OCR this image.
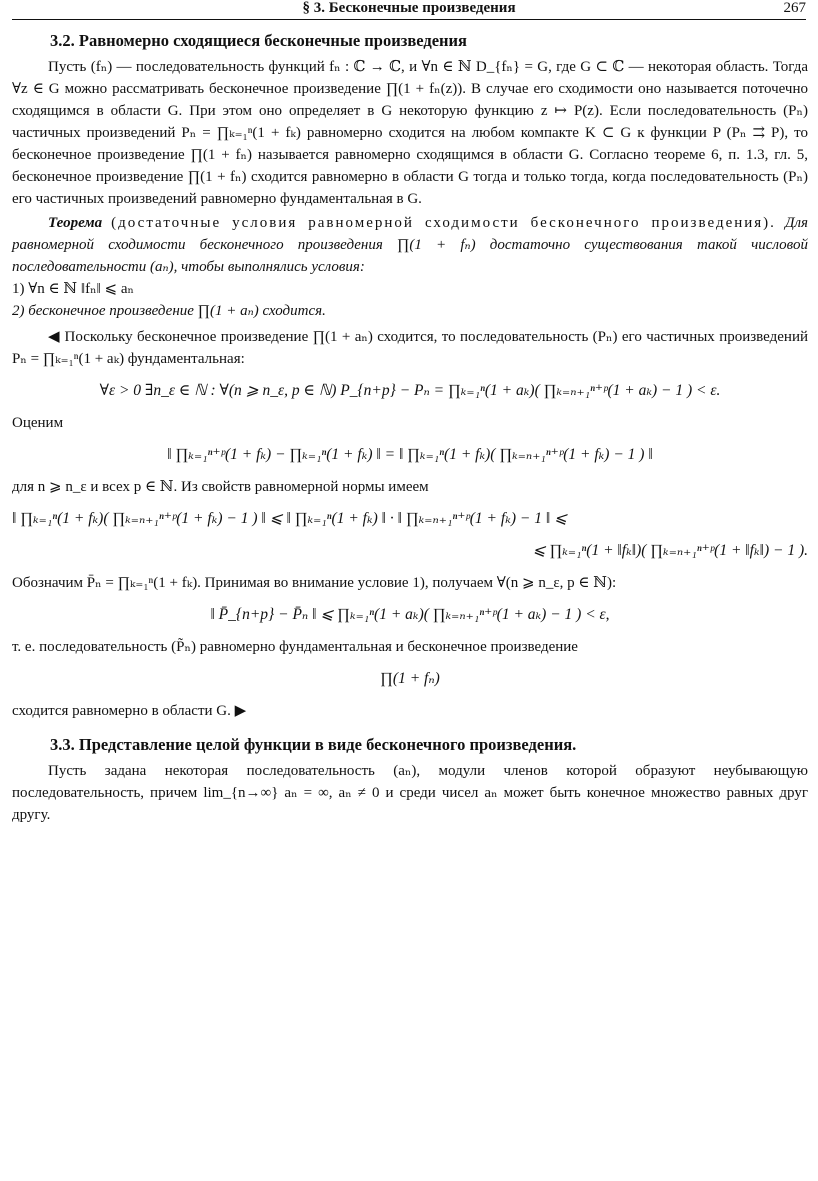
§ 3. Бесконечные произведения	267
3.2. Равномерно сходящиеся бесконечные произведения

Пусть (fₙ) — последовательность функций fₙ : ℂ → ℂ, и ∀n ∈ ℕ D_{fₙ} = G, где G ⊂ ℂ — некоторая область. Тогда ∀z ∈ G можно рассматривать бесконечное произведение ∏(1 + fₙ(z)). В случае его сходимости оно называется поточечно сходящимся в области G. При этом оно определяет в G некоторую функцию z ↦ P(z). Если последовательность (Pₙ) частичных произведений Pₙ = ∏ₖ₌₁ⁿ(1 + fₖ) равномерно сходится на любом компакте K ⊂ G к функции P (Pₙ ⇉ P), то бесконечное произведение ∏(1 + fₙ) называется равномерно сходящимся в области G. Согласно теореме 6, п. 1.3, гл. 5, бесконечное произведение ∏(1 + fₙ) сходится равномерно в области G тогда и только тогда, когда последовательность (Pₙ) его частичных произведений равномерно фундаментальная в G.

Теорема (достаточные условия равномерной сходимости бесконечного произведения). Для равномерной сходимости бесконечного произведения ∏(1 + fₙ) достаточно существования такой числовой последовательности (aₙ), чтобы выполнялись условия:

1) ∀n ∈ ℕ ‖fₙ‖ ⩽ aₙ

2) бесконечное произведение ∏(1 + aₙ) сходится.

◀ Поскольку бесконечное произведение ∏(1 + aₙ) сходится, то последовательность (Pₙ) его частичных произведений Pₙ = ∏ₖ₌₁ⁿ(1 + aₖ) фундаментальная:

∀ε > 0 ∃n_ε ∈ ℕ : ∀(n ⩾ n_ε, p ∈ ℕ) P_{n+p} − Pₙ = ∏ₖ₌₁ⁿ(1 + aₖ)( ∏ₖ₌ₙ₊₁ⁿ⁺ᵖ(1 + aₖ) − 1 ) < ε.

Оценим

‖ ∏ₖ₌₁ⁿ⁺ᵖ(1 + fₖ) − ∏ₖ₌₁ⁿ(1 + fₖ) ‖ = ‖ ∏ₖ₌₁ⁿ(1 + fₖ)( ∏ₖ₌ₙ₊₁ⁿ⁺ᵖ(1 + fₖ) − 1 ) ‖

для n ⩾ n_ε и всех p ∈ ℕ. Из свойств равномерной нормы имеем

‖ ∏ₖ₌₁ⁿ(1 + fₖ)( ∏ₖ₌ₙ₊₁ⁿ⁺ᵖ(1 + fₖ) − 1 ) ‖ ⩽ ‖ ∏ₖ₌₁ⁿ(1 + fₖ) ‖ · ‖ ∏ₖ₌ₙ₊₁ⁿ⁺ᵖ(1 + fₖ) − 1 ‖ ⩽
⩽ ∏ₖ₌₁ⁿ(1 + ‖fₖ‖)( ∏ₖ₌ₙ₊₁ⁿ⁺ᵖ(1 + ‖fₖ‖) − 1 ).

Обозначим P̄ₙ = ∏ₖ₌₁ⁿ(1 + fₖ). Принимая во внимание условие 1), получаем ∀(n ⩾ n_ε, p ∈ ℕ):

‖ P̄_{n+p} − P̄ₙ ‖ ⩽ ∏ₖ₌₁ⁿ(1 + aₖ)( ∏ₖ₌ₙ₊₁ⁿ⁺ᵖ(1 + aₖ) − 1 ) < ε,

т. е. последовательность (P̃ₙ) равномерно фундаментальная и бесконечное произведение

∏(1 + fₙ)

сходится равномерно в области G. ▶

3.3. Представление целой функции в виде бесконечного произведения.

Пусть задана некоторая последовательность (aₙ), модули членов которой образуют неубывающую последовательность, причем lim_{n→∞} aₙ = ∞, aₙ ≠ 0 и среди чисел aₙ может быть конечное множество равных друг другу.
